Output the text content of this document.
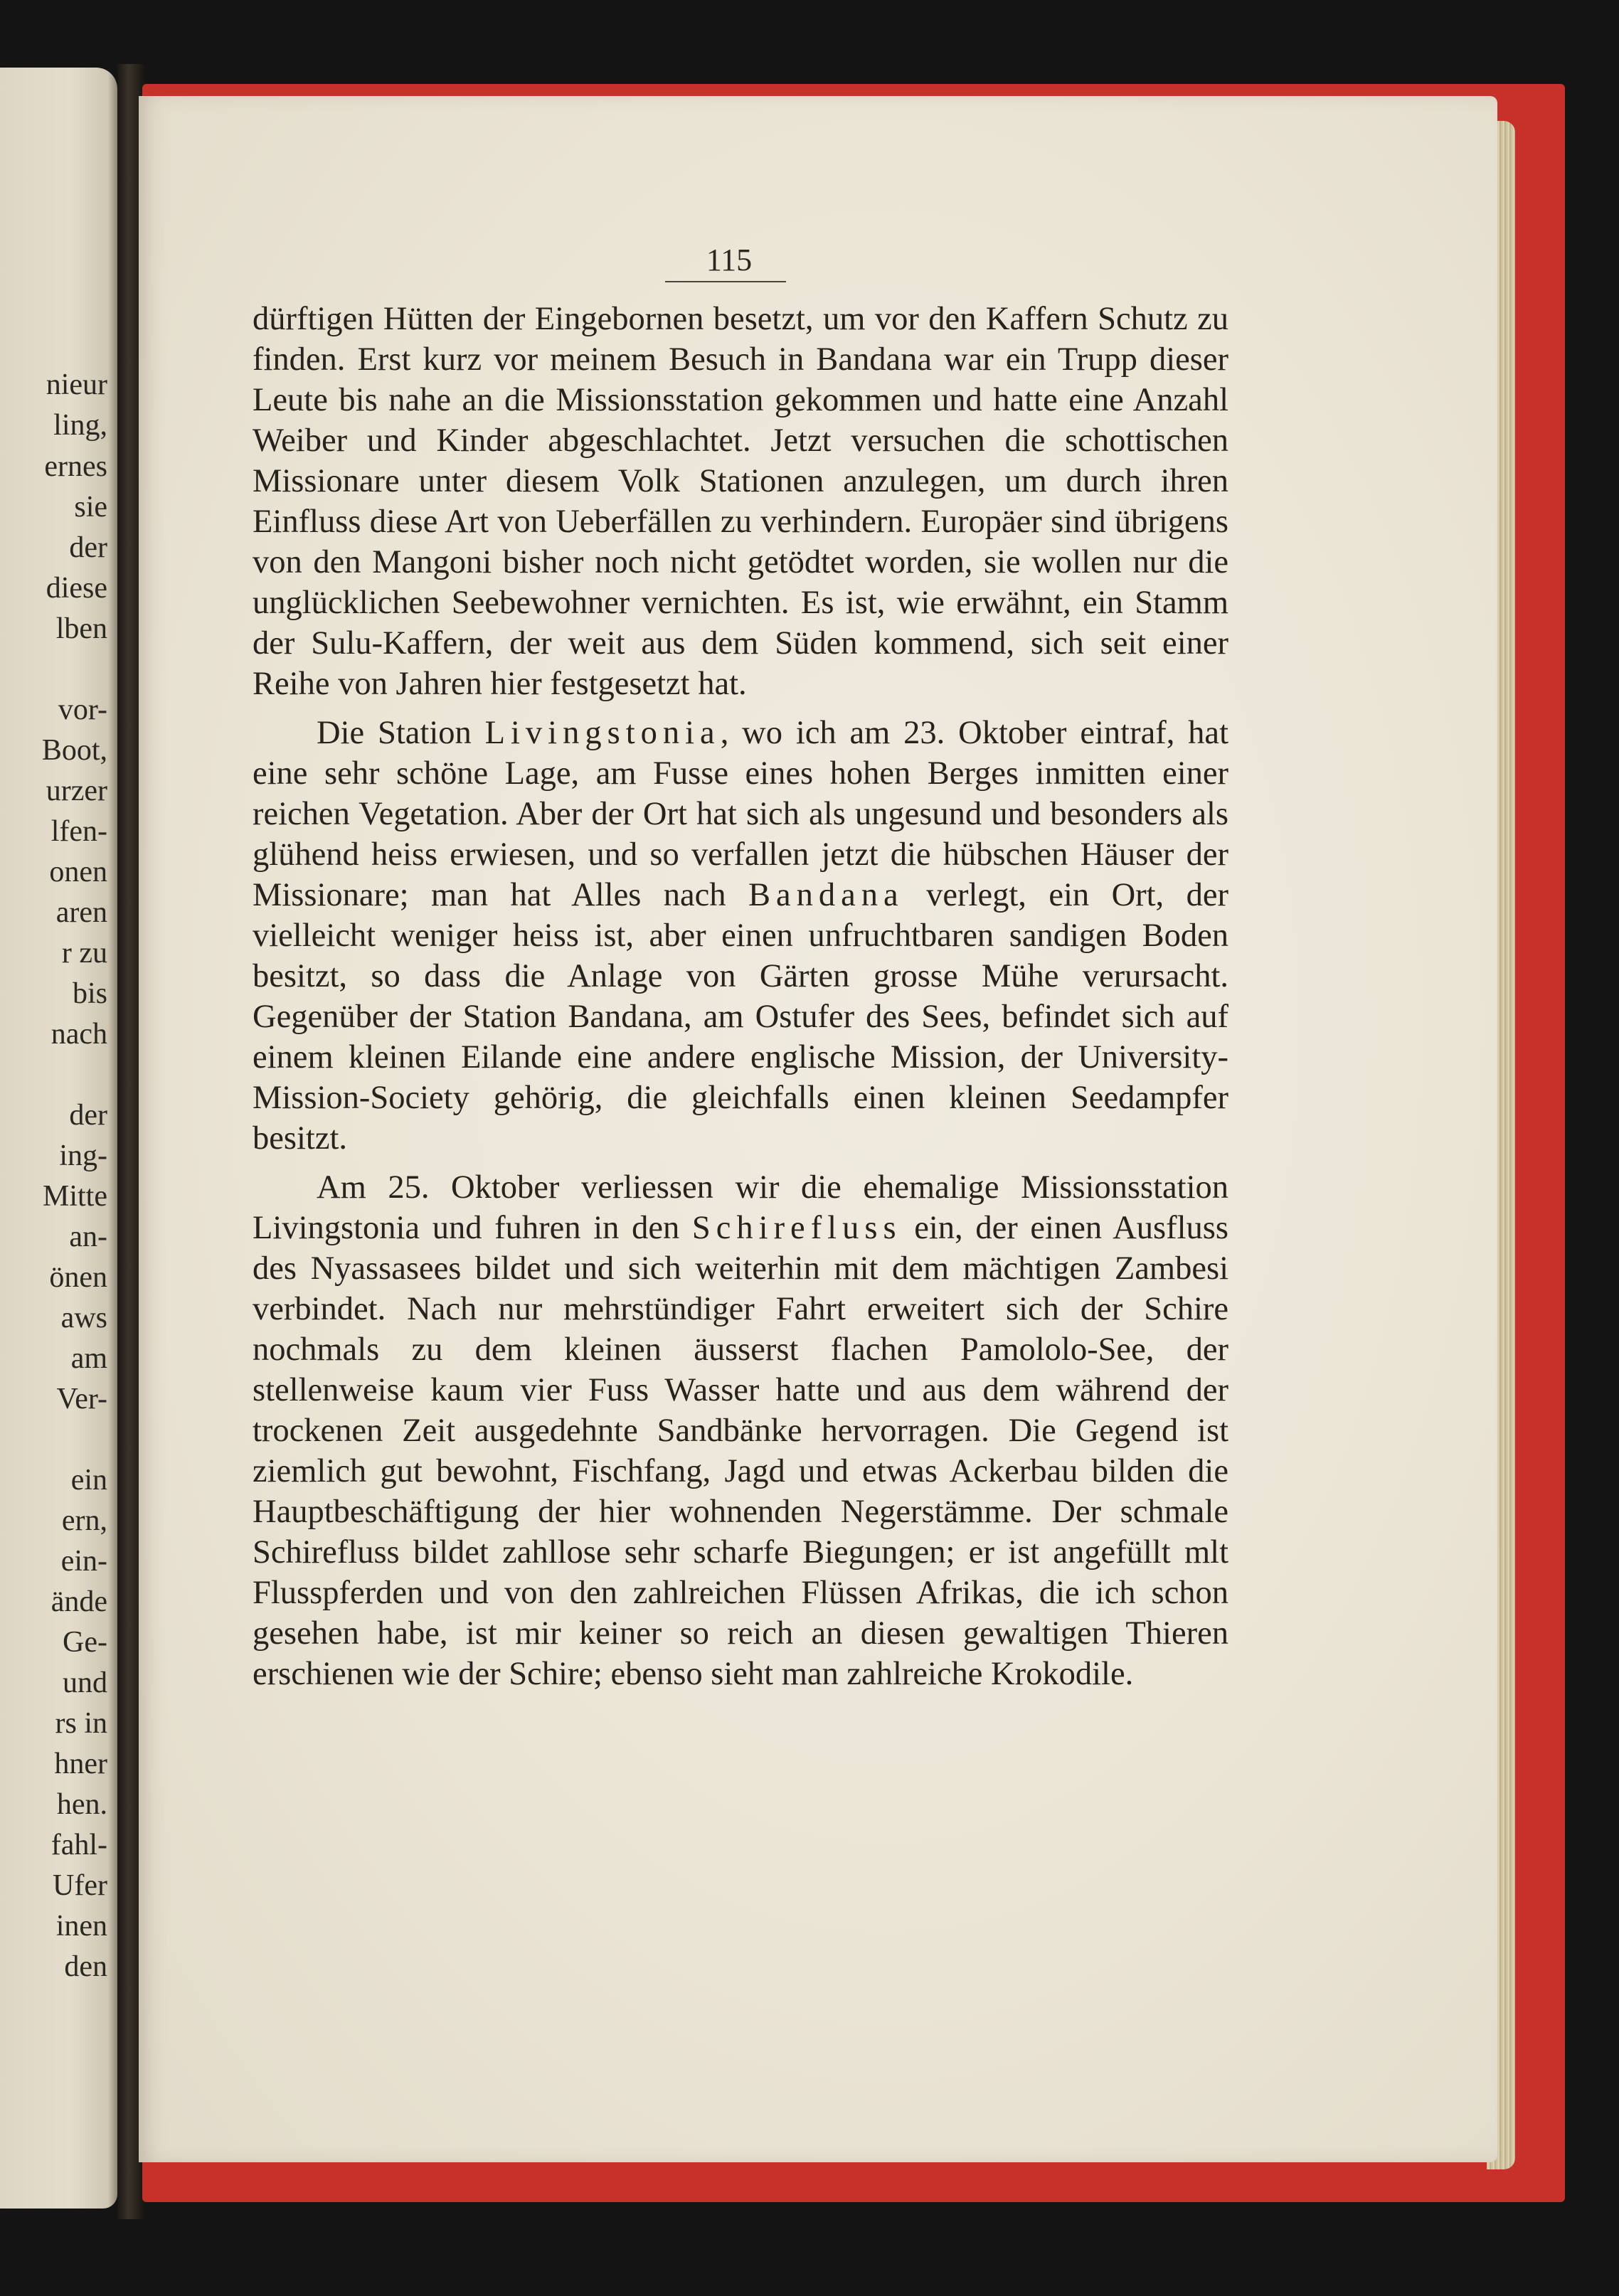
nieur
ling,
ernes
sie
der
diese
lben
vor-
Boot,
urzer
lfen-
onen
aren
r zu
bis
nach
der
ing-
Mitte
an-
önen
aws
am
Ver-
ein
ern,
ein-
ände
Ge-
und
rs in
hner
hen.
fahl-
Ufer
inen
den
115

dürftigen Hütten der Eingebornen besetzt, um vor den Kaffern Schutz zu finden. Erst kurz vor meinem Besuch in Bandana war ein Trupp dieser Leute bis nahe an die Missionsstation gekommen und hatte eine Anzahl Weiber und Kinder abgeschlachtet. Jetzt versuchen die schottischen Missionare unter diesem Volk Stationen anzulegen, um durch ihren Einfluss diese Art von Ueberfällen zu verhindern. Europäer sind übrigens von den Mangoni bisher noch nicht getödtet worden, sie wollen nur die unglücklichen Seebewohner vernichten. Es ist, wie erwähnt, ein Stamm der Sulu-Kaffern, der weit aus dem Süden kommend, sich seit einer Reihe von Jahren hier festgesetzt hat.

Die Station Livingstonia, wo ich am 23. Oktober eintraf, hat eine sehr schöne Lage, am Fusse eines hohen Berges inmitten einer reichen Vegetation. Aber der Ort hat sich als ungesund und besonders als glühend heiss erwiesen, und so verfallen jetzt die hübschen Häuser der Missionare; man hat Alles nach Bandana verlegt, ein Ort, der vielleicht weniger heiss ist, aber einen unfruchtbaren sandigen Boden besitzt, so dass die Anlage von Gärten grosse Mühe verursacht. Gegenüber der Station Bandana, am Ostufer des Sees, befindet sich auf einem kleinen Eilande eine andere englische Mission, der University-Mission-Society gehörig, die gleichfalls einen kleinen Seedampfer besitzt.

Am 25. Oktober verliessen wir die ehemalige Missionsstation Livingstonia und fuhren in den Schirefluss ein, der einen Ausfluss des Nyassasees bildet und sich weiterhin mit dem mächtigen Zambesi verbindet. Nach nur mehrstündiger Fahrt erweitert sich der Schire nochmals zu dem kleinen äusserst flachen Pamololo-See, der stellenweise kaum vier Fuss Wasser hatte und aus dem während der trockenen Zeit ausgedehnte Sandbänke hervorragen. Die Gegend ist ziemlich gut bewohnt, Fischfang, Jagd und etwas Ackerbau bilden die Hauptbeschäftigung der hier wohnenden Negerstämme. Der schmale Schirefluss bildet zahllose sehr scharfe Biegungen; er ist angefüllt mlt Flusspferden und von den zahlreichen Flüssen Afrikas, die ich schon gesehen habe, ist mir keiner so reich an diesen gewaltigen Thieren erschienen wie der Schire; ebenso sieht man zahlreiche Krokodile.
